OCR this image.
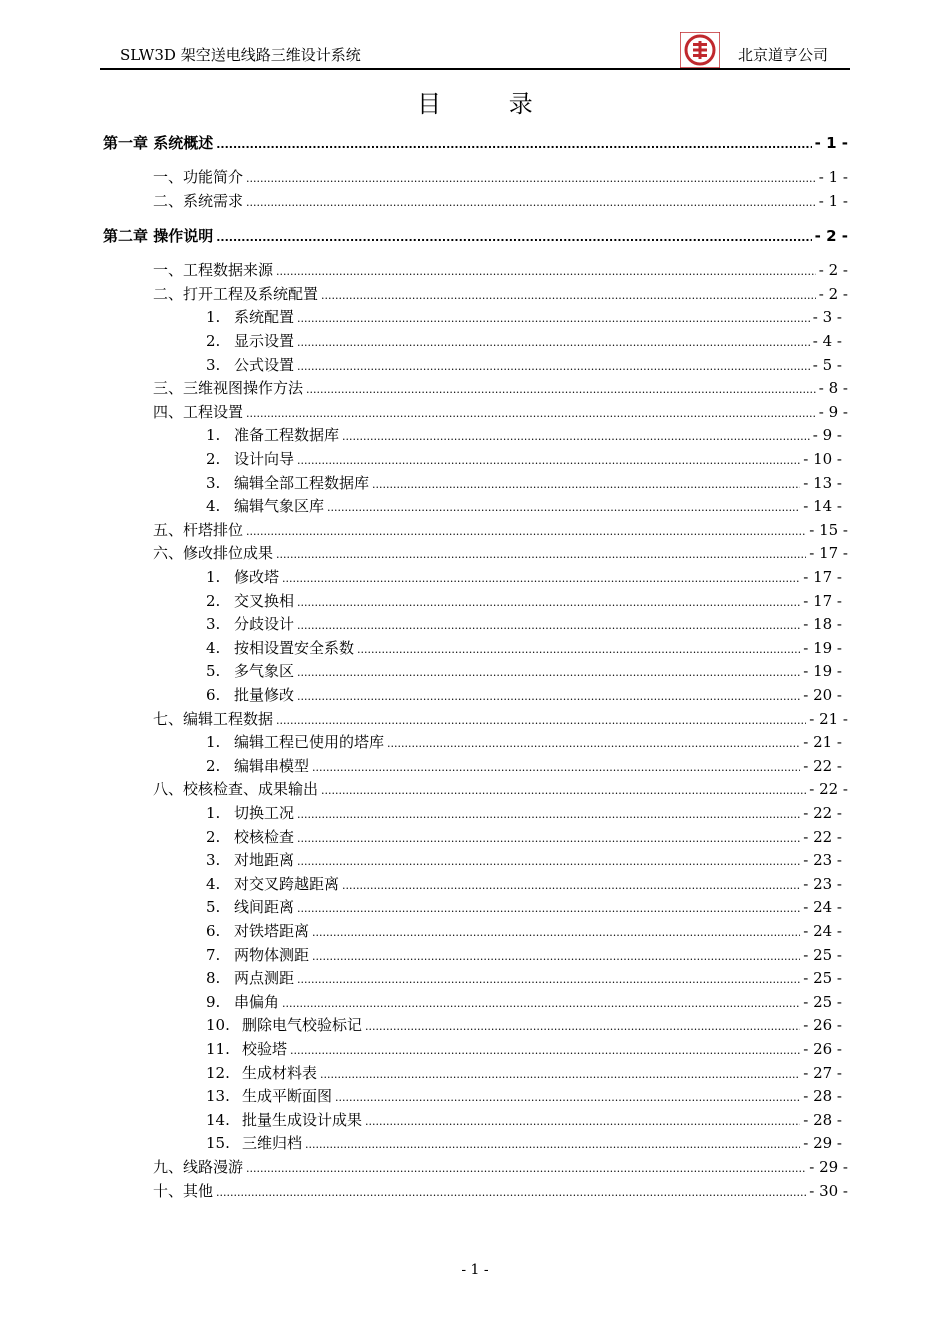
SLW3D 架空送电线路三维设计系统	北京道亨公司
目 录
第一章 系统概述 .....	- 1 -
一、功能简介 .....	- 1 -
二、系统需求 .....	- 1 -
第二章 操作说明 .....	- 2 -
一、工程数据来源 .....	- 2 -
二、打开工程及系统配置 .....	- 2 -
1. 系统配置 .....	- 3 -
2. 显示设置 .....	- 4 -
3. 公式设置 .....	- 5 -
三、三维视图操作方法 .....	- 8 -
四、工程设置 .....	- 9 -
1. 准备工程数据库 .....	- 9 -
2. 设计向导 .....	- 10 -
3. 编辑全部工程数据库 .....	- 13 -
4. 编辑气象区库 .....	- 14 -
五、杆塔排位 .....	- 15 -
六、修改排位成果 .....	- 17 -
1. 修改塔 .....	- 17 -
2. 交叉换相 .....	- 17 -
3. 分歧设计 .....	- 18 -
4. 按相设置安全系数 .....	- 19 -
5. 多气象区 .....	- 19 -
6. 批量修改 .....	- 20 -
七、编辑工程数据 .....	- 21 -
1. 编辑工程已使用的塔库 .....	- 21 -
2. 编辑串模型 .....	- 22 -
八、校核检查、成果输出 .....	- 22 -
1. 切换工况 .....	- 22 -
2. 校核检查 .....	- 22 -
3. 对地距离 .....	- 23 -
4. 对交叉跨越距离 .....	- 23 -
5. 线间距离 .....	- 24 -
6. 对铁塔距离 .....	- 24 -
7. 两物体测距 .....	- 25 -
8. 两点测距 .....	- 25 -
9. 串偏角 .....	- 25 -
10. 删除电气校验标记 .....	- 26 -
11. 校验塔 .....	- 26 -
12. 生成材料表 .....	- 27 -
13. 生成平断面图 .....	- 28 -
14. 批量生成设计成果 .....	- 28 -
15. 三维归档 .....	- 29 -
九、线路漫游 .....	- 29 -
十、其他 .....	- 30 -
- 1 -
